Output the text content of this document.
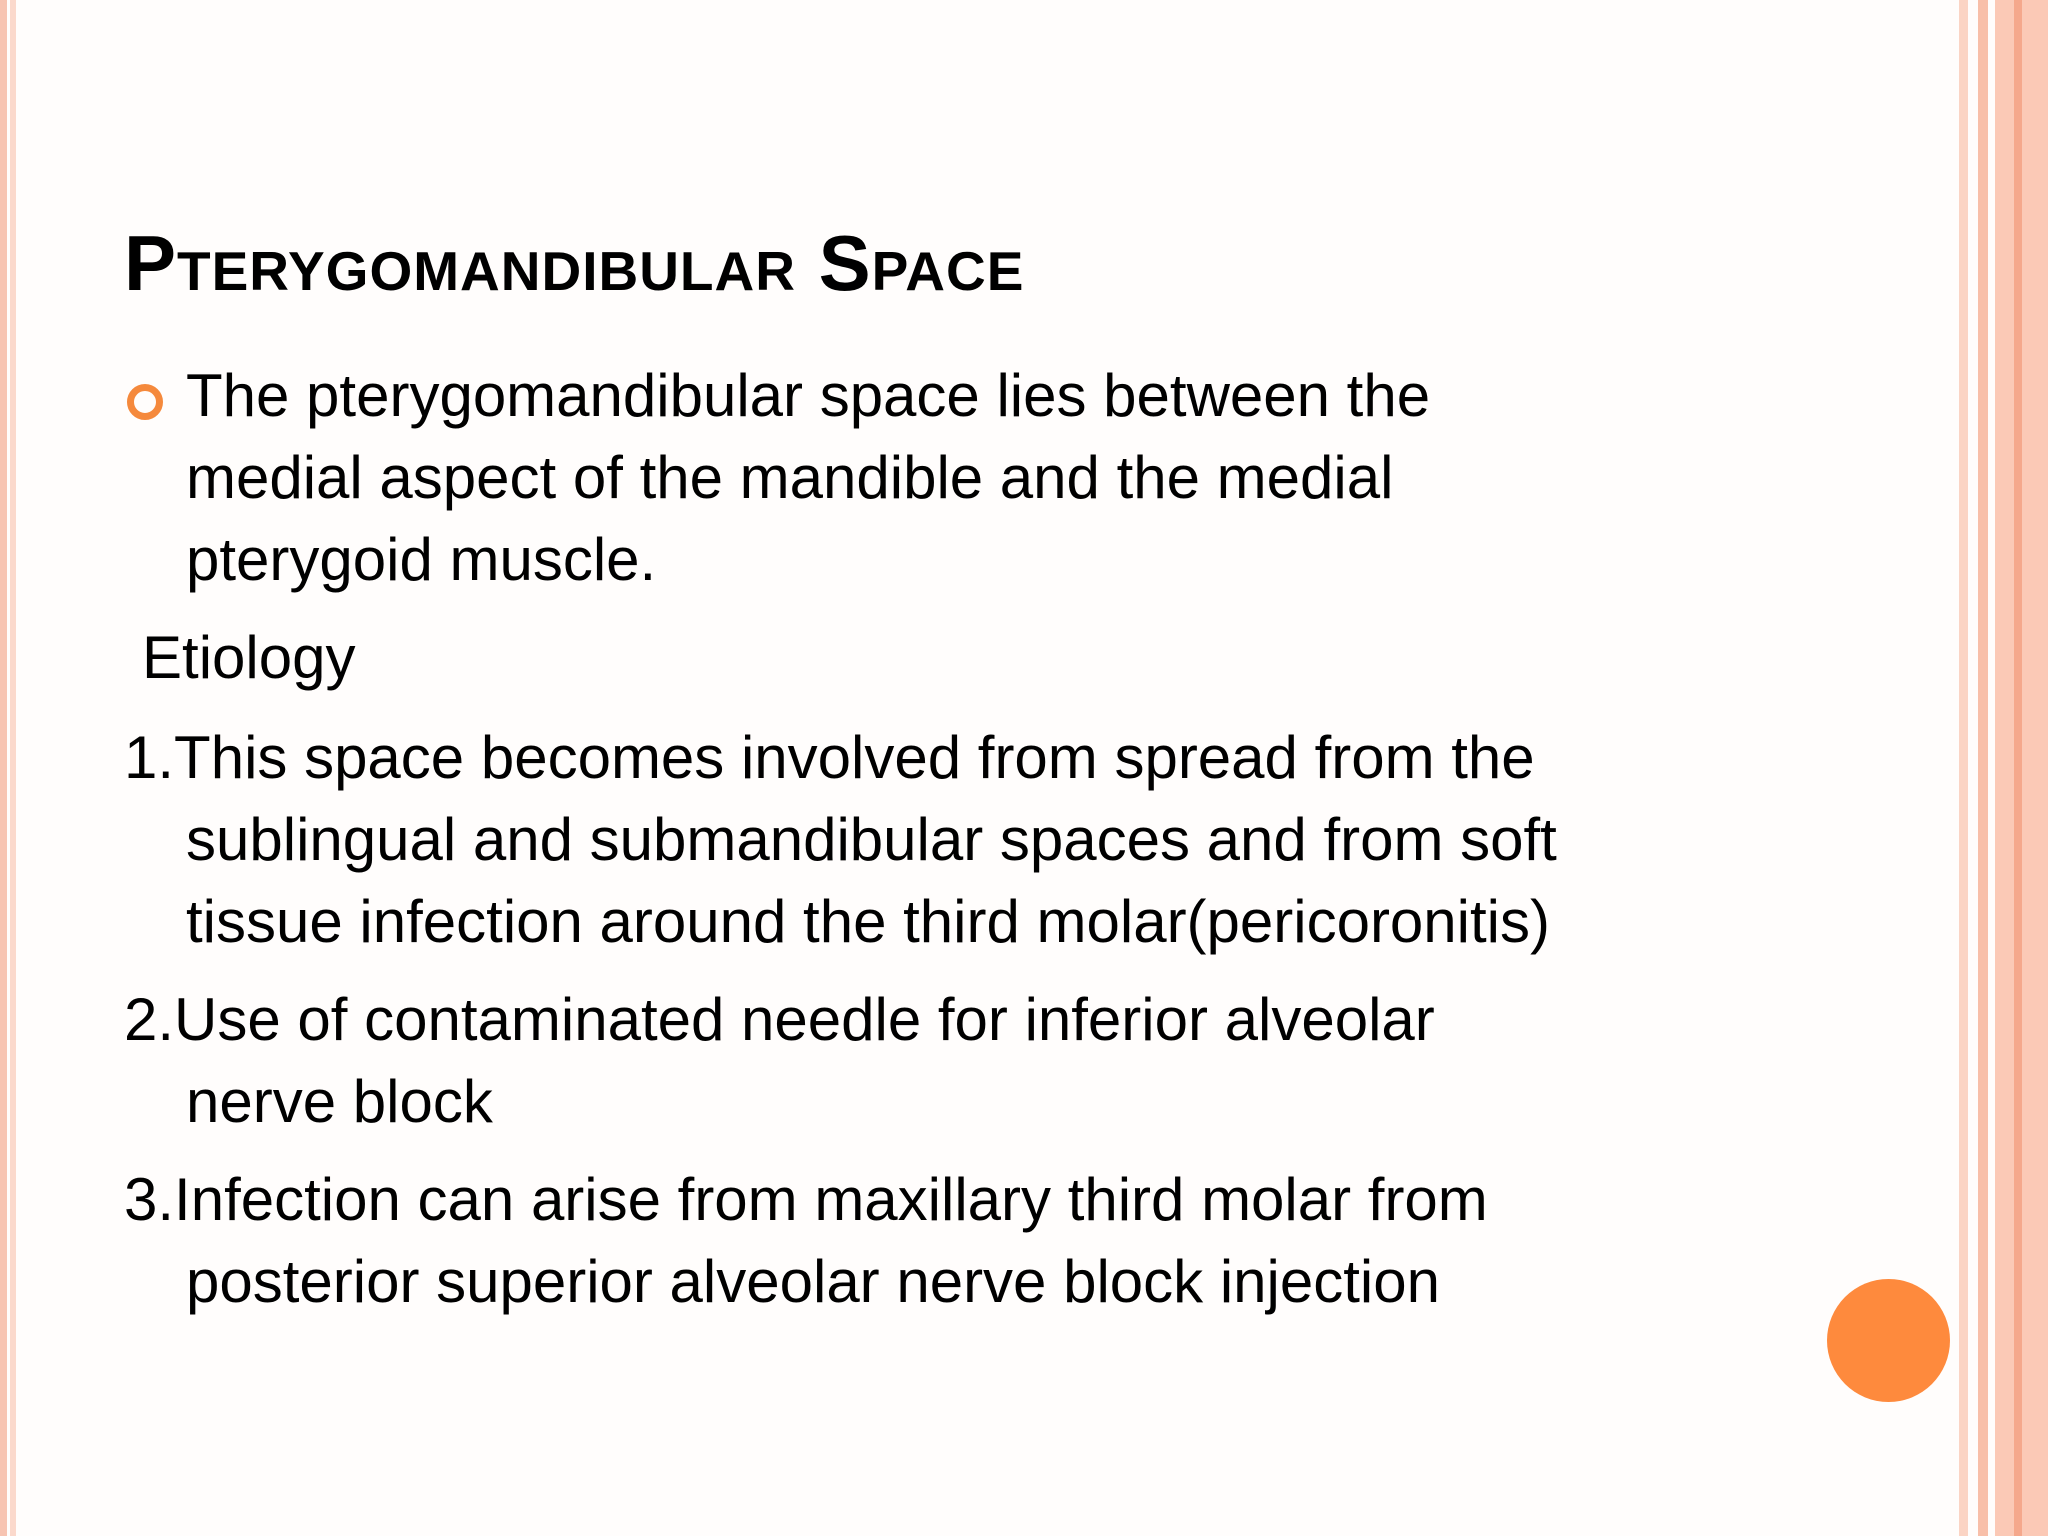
Pterygomandibular Space
The pterygomandibular space lies between the
medial aspect of the mandible and the medial
pterygoid muscle.
Etiology
1.This space becomes involved from spread from the
sublingual and submandibular spaces and from soft
tissue infection around the third molar(pericoronitis)
2.Use of contaminated needle for inferior alveolar
nerve block
3.Infection can arise from maxillary third molar from
posterior superior alveolar nerve block injection
